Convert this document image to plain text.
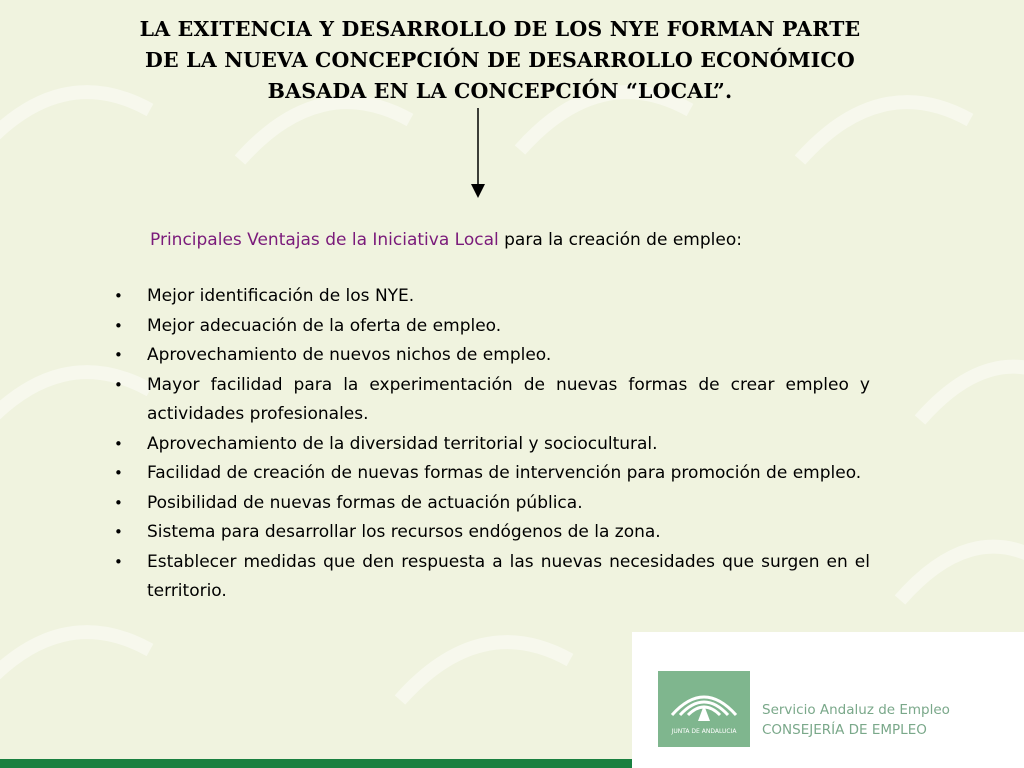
LA EXITENCIA Y DESARROLLO DE LOS NYE FORMAN PARTE
DE LA NUEVA CONCEPCIÓN DE DESARROLLO ECONÓMICO
BASADA EN LA CONCEPCIÓN “LOCAL”.
Principales Ventajas de la Iniciativa Local para la creación de empleo:
• Mejor identificación de los NYE.
• Mejor adecuación de la oferta de empleo.
• Aprovechamiento de nuevos nichos de empleo.
• Mayor facilidad para la experimentación de nuevas formas de crear empleo y actividades profesionales.
• Aprovechamiento de la diversidad territorial y sociocultural.
• Facilidad de creación de nuevas formas de intervención para promoción de empleo.
• Posibilidad de nuevas formas de actuación pública.
• Sistema para desarrollar los recursos endógenos de la zona.
• Establecer medidas que den respuesta a las nuevas necesidades que surgen en el territorio.
JUNTA DE ANDALUCIA
Servicio Andaluz de Empleo
CONSEJERÍA DE EMPLEO
